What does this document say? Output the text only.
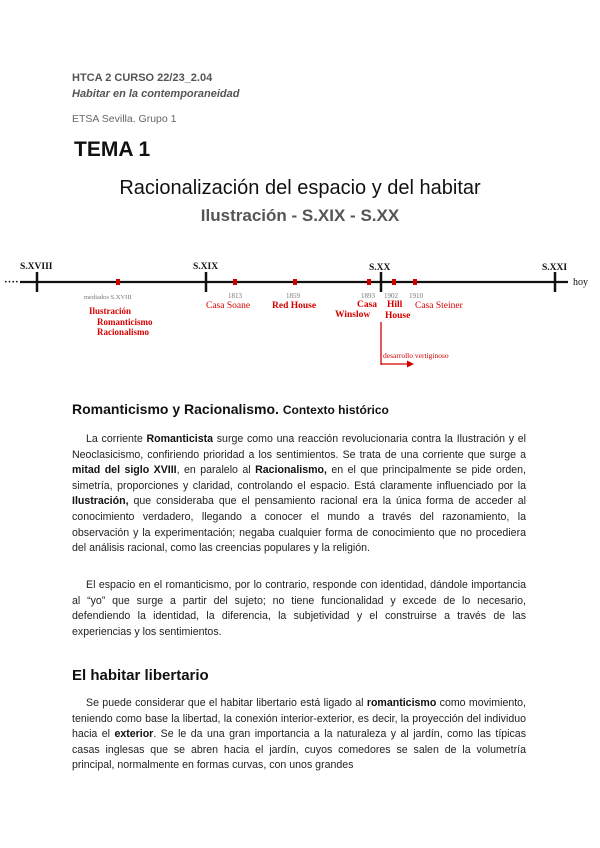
HTCA 2 CURSO 22/23_2.04
Habitar en la contemporaneidad
ETSA Sevilla. Grupo 1
TEMA 1
Racionalización del espacio y del habitar
Ilustración - S.XIX - S.XX
····
S.XVIII	S.XIX	S.XX	S.XXI
hoy
mediados S.XVIII
Ilustración
Romanticismo
Racionalismo
1813
Casa Soane
1859
Red House
1893
Casa
Winslow
1902
Hill
House
1910
Casa Steiner
desarrollo vertiginoso
Romanticismo y Racionalismo. Contexto histórico
La corriente Romanticista surge como una reacción revolucionaria contra la Ilustración y el Neoclasicismo, confiriendo prioridad a los sentimientos. Se trata de una corriente que surge a mitad del siglo XVIII, en paralelo al Racionalismo, en el que principalmente se pide orden, simetría, proporciones y claridad, controlando el espacio. Está claramente influenciado por la Ilustración, que consideraba que el pensamiento racional era la única forma de acceder al conocimiento verdadero, llegando a conocer el mundo a través del razonamiento, la observación y la experimentación; negaba cualquier forma de conocimiento que no procediera del análisis racional, como las creencias populares y la religión.
El espacio en el romanticismo, por lo contrario, responde con identidad, dándole importancia al “yo” que surge a partir del sujeto; no tiene funcionalidad y excede de lo necesario, defendiendo la identidad, la diferencia, la subjetividad y el construirse a través de las experiencias y los sentimientos.
El habitar libertario
Se puede considerar que el habitar libertario está ligado al romanticismo como movimiento, teniendo como base la libertad, la conexión interior-exterior, es decir, la proyección del individuo hacia el exterior. Se le da una gran importancia a la naturaleza y al jardín, como las típicas casas inglesas que se abren hacia el jardín, cuyos comedores se salen de la volumetría principal, normalmente en formas curvas, con unos grandes
